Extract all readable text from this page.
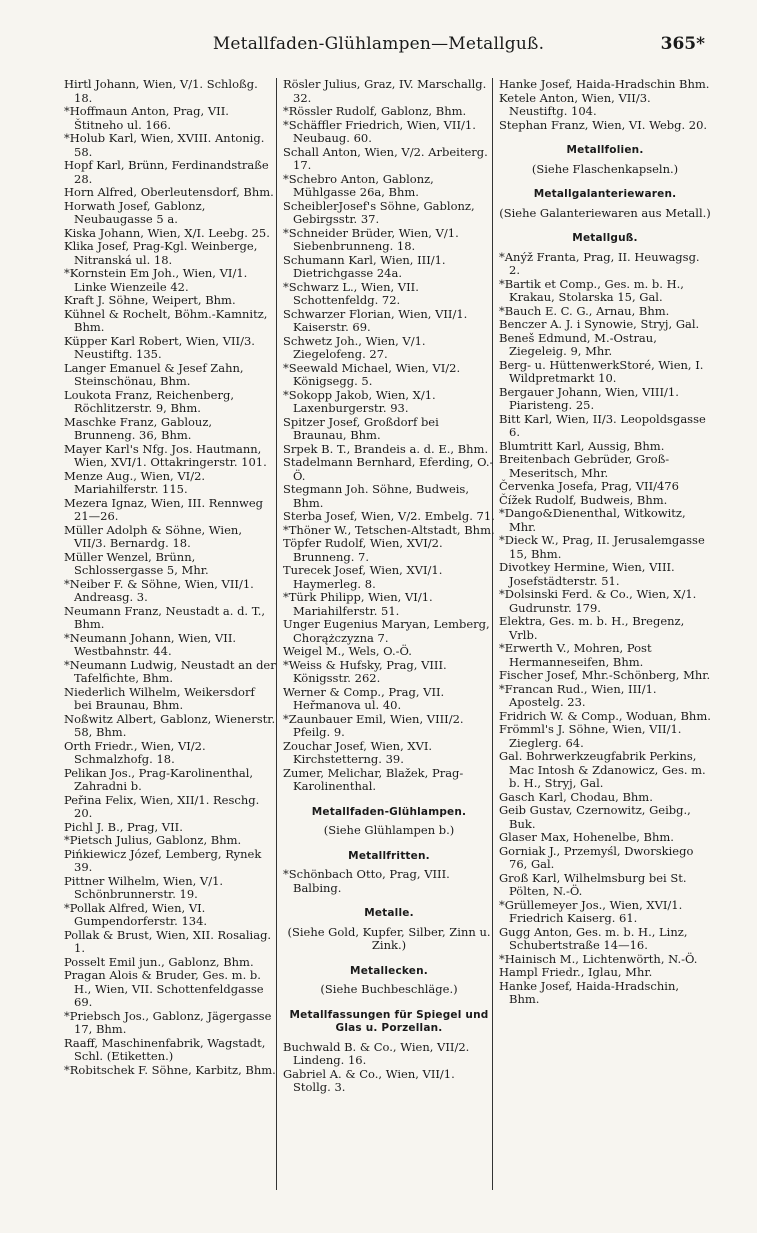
Metallfaden-Glühlampen—Metallguß.	365*
Hirtl Johann, Wien, V/1. Schloßg. 18.
*Hoffmaun Anton, Prag, VII. Štitneho ul. 166.
*Holub Karl, Wien, XVIII. Antonig. 58.
Hopf Karl, Brünn, Ferdinandstraße 28.
Horn Alfred, Oberleutensdorf, Bhm.
Horwath Josef, Gablonz, Neubaugasse 5 a.
Kiska Johann, Wien, X/I. Leebg. 25.
Klika Josef, Prag-Kgl. Weinberge, Nitranská ul. 18.
*Kornstein Em Joh., Wien, VI/1. Linke Wienzeile 42.
Kraft J. Söhne, Weipert, Bhm.
Kühnel & Rochelt, Böhm.-Kamnitz, Bhm.
Küpper Karl Robert, Wien, VII/3. Neustiftg. 135.
Langer Emanuel & Jesef Zahn, Steinschönau, Bhm.
Loukota Franz, Reichenberg, Röchlitzerstr. 9, Bhm.
Maschke Franz, Gablouz, Brunneng. 36, Bhm.
Mayer Karl's Nfg. Jos. Hautmann, Wien, XVI/1. Ottakringerstr. 101.
Menze Aug., Wien, VI/2. Mariahilferstr. 115.
Mezera Ignaz, Wien, III. Rennweg 21—26.
Müller Adolph & Söhne, Wien, VII/3. Bernardg. 18.
Müller Wenzel, Brünn, Schlossergasse 5, Mhr.
*Neiber F. & Söhne, Wien, VII/1. Andreasg. 3.
Neumann Franz, Neustadt a. d. T., Bhm.
*Neumann Johann, Wien, VII. Westbahnstr. 44.
*Neumann Ludwig, Neustadt an der Tafelfichte, Bhm.
Niederlich Wilhelm, Weikersdorf bei Braunau, Bhm.
Noßwitz Albert, Gablonz, Wienerstr. 58, Bhm.
Orth Friedr., Wien, VI/2. Schmalzhofg. 18.
Pelikan Jos., Prag-Karolinenthal, Zahradni b.
Peřina Felix, Wien, XII/1. Reschg. 20.
Pichl J. B., Prag, VII.
*Pietsch Julius, Gablonz, Bhm.
Pińkiewicz Józef, Lemberg, Rynek 39.
Pittner Wilhelm, Wien, V/1. Schönbrunnerstr. 19.
*Pollak Alfred, Wien, VI. Gumpendorferstr. 134.
Pollak & Brust, Wien, XII. Rosaliag. 1.
Posselt Emil jun., Gablonz, Bhm.
Pragan Alois & Bruder, Ges. m. b. H., Wien, VII. Schottenfeldgasse 69.
*Priebsch Jos., Gablonz, Jägergasse 17, Bhm.
Raaff, Maschinenfabrik, Wagstadt, Schl. (Etiketten.)
*Robitschek F. Söhne, Karbitz, Bhm.
Rösler Julius, Graz, IV. Marschallg. 32.
*Rössler Rudolf, Gablonz, Bhm.
*Schäffler Friedrich, Wien, VII/1. Neubaug. 60.
Schall Anton, Wien, V/2. Arbeiterg. 17.
*Schebro Anton, Gablonz, Mühlgasse 26a, Bhm.
ScheiblerJosef's Söhne, Gablonz, Gebirgsstr. 37.
*Schneider Brüder, Wien, V/1. Siebenbrunneng. 18.
Schumann Karl, Wien, III/1. Dietrichgasse 24a.
*Schwarz L., Wien, VII. Schottenfeldg. 72.
Schwarzer Florian, Wien, VII/1. Kaiserstr. 69.
Schwetz Joh., Wien, V/1. Ziegelofeng. 27.
*Seewald Michael, Wien, VI/2. Königsegg. 5.
*Sokopp Jakob, Wien, X/1. Laxenburgerstr. 93.
Spitzer Josef, Großdorf bei Braunau, Bhm.
Srpek B. T., Brandeis a. d. E., Bhm.
Stadelmann Bernhard, Eferding, O.-Ö.
Stegmann Joh. Söhne, Budweis, Bhm.
Sterba Josef, Wien, V/2. Embelg. 71.
*Thöner W., Tetschen-Altstadt, Bhm.
Töpfer Rudolf, Wien, XVI/2. Brunneng. 7.
Turecek Josef, Wien, XVI/1. Haymerleg. 8.
*Türk Philipp, Wien, VI/1. Mariahilferstr. 51.
Unger Eugenius Maryan, Lemberg, Chorążczyzna 7.
Weigel M., Wels, O.-Ö.
*Weiss & Hufsky, Prag, VIII. Königsstr. 262.
Werner & Comp., Prag, VII. Heřmanova ul. 40.
*Zaunbauer Emil, Wien, VIII/2. Pfeilg. 9.
Zouchar Josef, Wien, XVI. Kirchstetterng. 39.
Zumer, Melichar, Blažek, Prag-Karolinenthal.
Metallfaden-Glühlampen.
(Siehe Glühlampen b.)
Metallfritten.
*Schönbach Otto, Prag, VIII. Balbing.
Metalle.
(Siehe Gold, Kupfer, Silber, Zinn u. Zink.)
Metallecken.
(Siehe Buchbeschläge.)
Metallfassungen für Spiegel und Glas u. Porzellan.
Buchwald B. & Co., Wien, VII/2. Lindeng. 16.
Gabriel A. & Co., Wien, VII/1. Stollg. 3.
Hanke Josef, Haida-Hradschin Bhm.
Ketele Anton, Wien, VII/3. Neustiftg. 104.
Stephan Franz, Wien, VI. Webg. 20.
Metallfolien.
(Siehe Flaschenkapseln.)
Metallgalanteriewaren.
(Siehe Galanteriewaren aus Metall.)
Metallguß.
*Anýž Franta, Prag, II. Heuwagsg. 2.
*Bartik et Comp., Ges. m. b. H., Krakau, Stolarska 15, Gal.
*Bauch E. C. G., Arnau, Bhm.
Benczer A. J. i Synowie, Stryj, Gal.
Beneš Edmund, M.-Ostrau, Ziegeleig. 9, Mhr.
Berg- u. HüttenwerkStoré, Wien, I. Wildpretmarkt 10.
Bergauer Johann, Wien, VIII/1. Piaristeng. 25.
Bitt Karl, Wien, II/3. Leopoldsgasse 6.
Blumtritt Karl, Aussig, Bhm.
Breitenbach Gebrüder, Groß-Meseritsch, Mhr.
Červenka Josefa, Prag, VII/476
Čížek Rudolf, Budweis, Bhm.
*Dango&Dienenthal, Witkowitz, Mhr.
*Dieck W., Prag, II. Jerusalemgasse 15, Bhm.
Divotkey Hermine, Wien, VIII. Josefstädterstr. 51.
*Dolsinski Ferd. & Co., Wien, X/1. Gudrunstr. 179.
Elektra, Ges. m. b. H., Bregenz, Vrlb.
*Erwerth V., Mohren, Post Hermanneseifen, Bhm.
Fischer Josef, Mhr.-Schönberg, Mhr.
*Francan Rud., Wien, III/1. Apostelg. 23.
Fridrich W. & Comp., Woduan, Bhm.
Frömml's J. Söhne, Wien, VII/1. Zieglerg. 64.
Gal. Bohrwerkzeugfabrik Perkins, Mac Intosh & Zdanowicz, Ges. m. b. H., Stryj, Gal.
Gasch Karl, Chodau, Bhm.
Geib Gustav, Czernowitz, Geibg., Buk.
Glaser Max, Hohenelbe, Bhm.
Gorniak J., Przemyśl, Dworskiego 76, Gal.
Groß Karl, Wilhelmsburg bei St. Pölten, N.-Ö.
*Grüllemeyer Jos., Wien, XVI/1. Friedrich Kaiserg. 61.
Gugg Anton, Ges. m. b. H., Linz, Schubertstraße 14—16.
*Hainisch M., Lichtenwörth, N.-Ö.
Hampl Friedr., Iglau, Mhr.
Hanke Josef, Haida-Hradschin, Bhm.
